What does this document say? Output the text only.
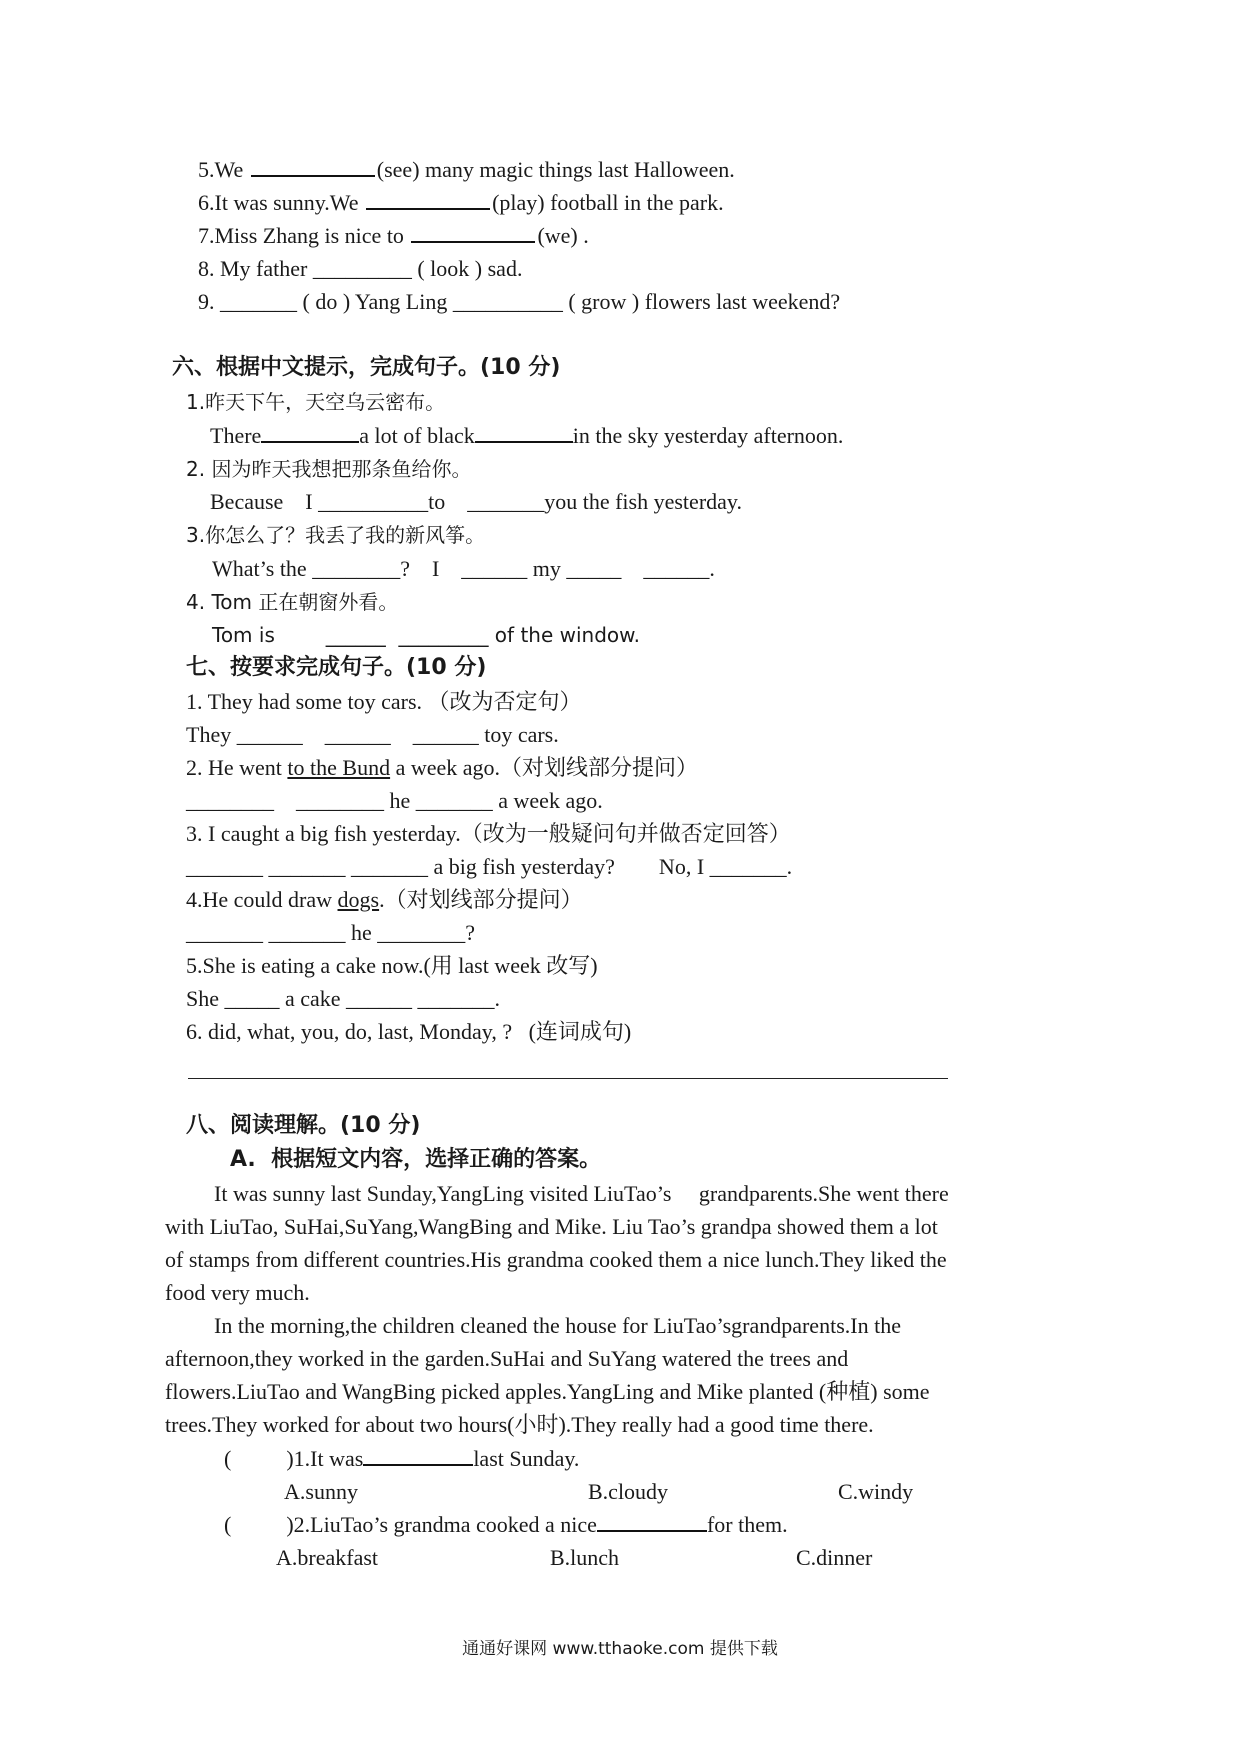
5.We	(see) many magic things last Halloween.
6.It was sunny.We	(play) football in the park.
7.Miss Zhang is nice to	(we) .
8. My father _________ ( look ) sad.
9. _______ ( do ) Yang Ling __________ ( grow ) flowers last weekend?
六、根据中文提示，完成句子。(10 分)
1.昨天下午，天空乌云密布。
There	a lot of black	in the sky yesterday afternoon.
2. 因为昨天我想把那条鱼给你。
Because    I __________to    _______you the fish yesterday.
3.你怎么了？我丢了我的新风筝。
What’s the ________?    I    ______ my _____    ______.
4. Tom 正在朝窗外看。
Tom is        ______  _________ of the window.
七、按要求完成句子。(10 分)
1. They had some toy cars. （改为否定句）
They ______    ______    ______ toy cars.
2. He went to the Bund a week ago.（对划线部分提问）
________    ________ he _______ a week ago.
3. I caught a big fish yesterday.（改为一般疑问句并做否定回答）
_______ _______ _______ a big fish yesterday?        No, I _______.
4.He could draw dogs.（对划线部分提问）
_______ _______ he ________?
5.She is eating a cake now.(用 last week 改写)
She _____ a cake ______ _______.
6. did, what, you, do, last, Monday, ?   (连词成句)
八、阅读理解。(10 分)
A.  根据短文内容，选择正确的答案。
It was sunny last Sunday,YangLing visited LiuTao’s     grandparents.She went there
with LiuTao, SuHai,SuYang,WangBing and Mike. Liu Tao’s grandpa showed them a lot
of stamps from different countries.His grandma cooked them a nice lunch.They liked the
food very much.
In the morning,the children cleaned the house for LiuTao’sgrandparents.In the
afternoon,they worked in the garden.SuHai and SuYang watered the trees and
flowers.LiuTao and WangBing picked apples.YangLing and Mike planted (种植) some
trees.They worked for about two hours(小时).They really had a good time there.
(          )1.It was	last Sunday.
A.sunny	B.cloudy	C.windy
(          )2.LiuTao’s grandma cooked a nice	for them.
A.breakfast	B.lunch	C.dinner
通通好课网 www.tthaoke.com 提供下载
